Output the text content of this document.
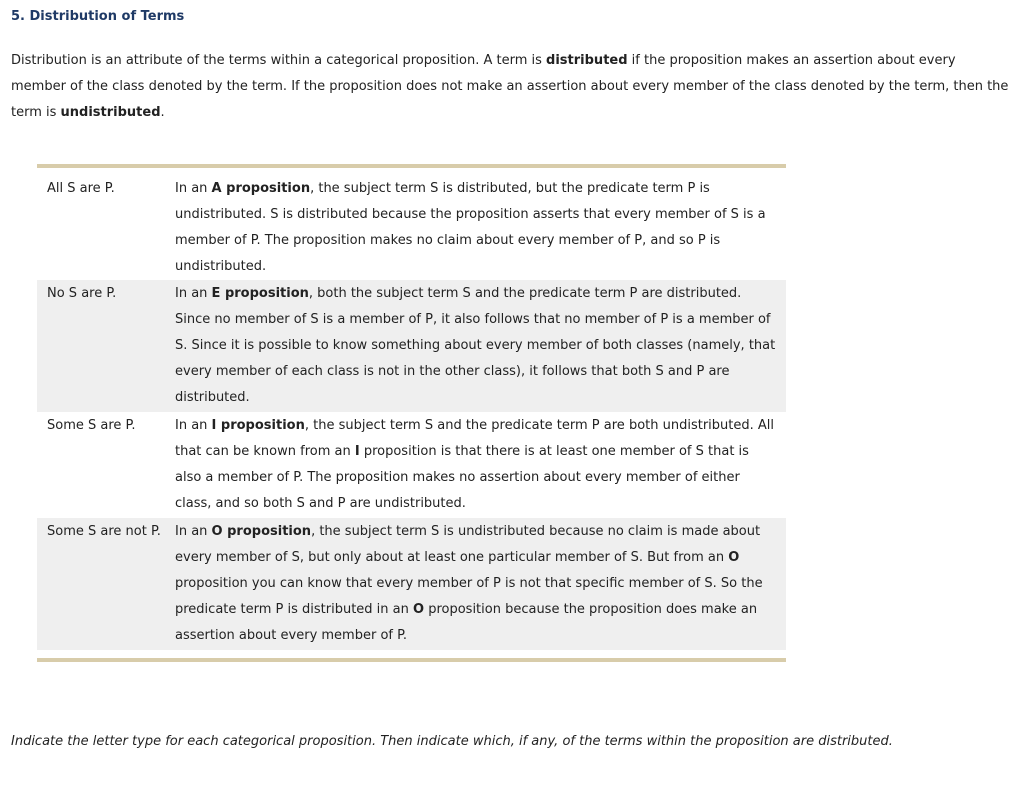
5. Distribution of Terms
Distribution is an attribute of the terms within a categorical proposition. A term is distributed if the proposition makes an assertion about every member of the class denoted by the term. If the proposition does not make an assertion about every member of the class denoted by the term, then the term is undistributed.
All S are P.	In an A proposition, the subject term S is distributed, but the predicate term P is undistributed. S is distributed because the proposition asserts that every member of S is a member of P. The proposition makes no claim about every member of P, and so P is undistributed.
No S are P.	In an E proposition, both the subject term S and the predicate term P are distributed. Since no member of S is a member of P, it also follows that no member of P is a member of S. Since it is possible to know something about every member of both classes (namely, that every member of each class is not in the other class), it follows that both S and P are distributed.
Some S are P.	In an I proposition, the subject term S and the predicate term P are both undistributed. All that can be known from an I proposition is that there is at least one member of S that is also a member of P. The proposition makes no assertion about every member of either class, and so both S and P are undistributed.
Some S are not P.	In an O proposition, the subject term S is undistributed because no claim is made about every member of S, but only about at least one particular member of S. But from an O proposition you can know that every member of P is not that specific member of S. So the predicate term P is distributed in an O proposition because the proposition does make an assertion about every member of P.
Indicate the letter type for each categorical proposition. Then indicate which, if any, of the terms within the proposition are distributed.
